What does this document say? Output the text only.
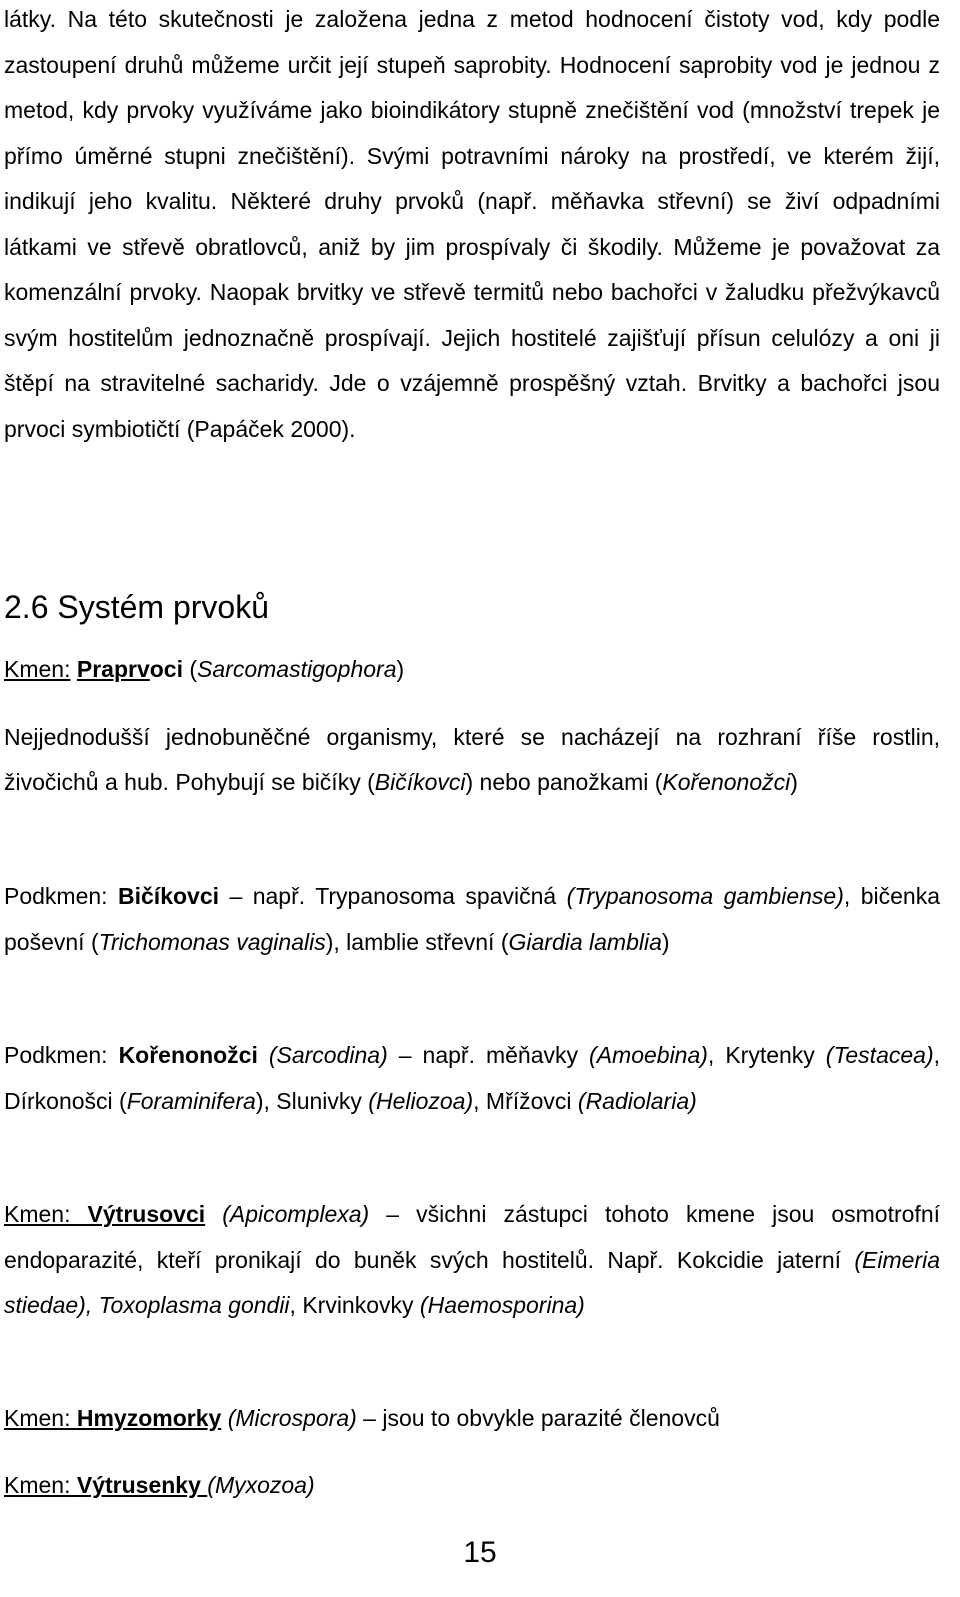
látky. Na této skutečnosti je založena jedna z metod hodnocení čistoty vod, kdy podle zastoupení druhů můžeme určit její stupeň saprobity. Hodnocení saprobity vod je jednou z metod, kdy prvoky využíváme jako bioindikátory stupně znečištění vod (množství trepek je přímo úměrné stupni znečištění). Svými potravními nároky na prostředí, ve kterém žijí, indikují jeho kvalitu. Některé druhy prvoků (např. měňavka střevní) se živí odpadními látkami ve střevě obratlovců, aniž by jim prospívaly či škodily. Můžeme je považovat za komenzální prvoky. Naopak brvitky ve střevě termitů nebo bachořci v žaludku přežvýkavců svým hostitelům jednoznačně prospívají. Jejich hostitelé zajišťují přísun celulózy a oni ji štěpí na stravitelné sacharidy. Jde o vzájemně prospěšný vztah. Brvitky a bachořci jsou prvoci symbiotičtí (Papáček 2000).

2.6 Systém prvoků

Kmen: Praprvoci (Sarcomastigophora)

Nejjednodušší jednobuněčné organismy, které se nacházejí na rozhraní říše rostlin, živočichů a hub. Pohybují se bičíky (Bičíkovci) nebo panožkami (Kořenonožci)

Podkmen: Bičíkovci – např. Trypanosoma spavičná (Trypanosoma gambiense), bičenka poševní (Trichomonas vaginalis), lamblie střevní (Giardia lamblia)

Podkmen: Kořenonožci (Sarcodina) – např. měňavky (Amoebina), Krytenky (Testacea), Dírkonošci (Foraminifera), Slunivky (Heliozoa), Mřížovci (Radiolaria)

Kmen: Výtrusovci (Apicomplexa) – všichni zástupci tohoto kmene jsou osmotrofní endoparazité, kteří pronikají do buněk svých hostitelů. Např. Kokcidie jaterní (Eimeria stiedae), Toxoplasma gondii, Krvinkovky (Haemosporina)

Kmen: Hmyzomorky (Microspora) – jsou to obvykle parazité členovců

Kmen: Výtrusenky (Myxozoa)

15
